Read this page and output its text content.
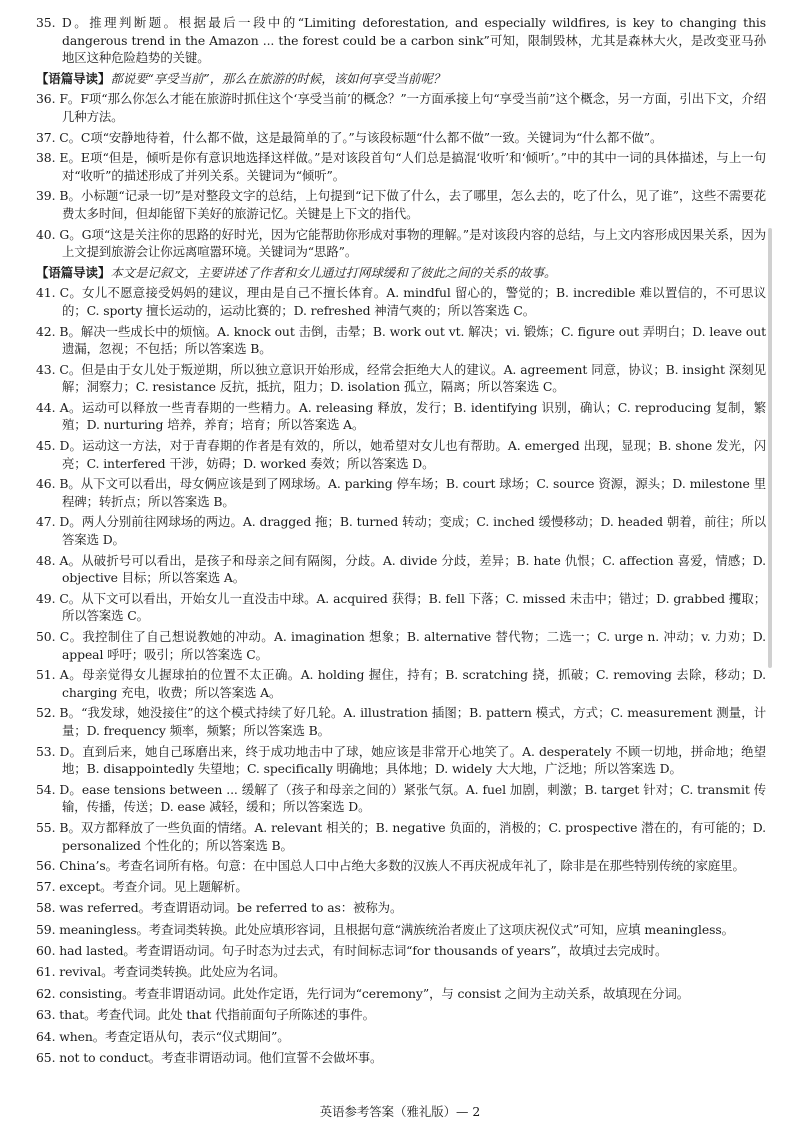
35. D。推理判断题。根据最后一段中的“Limiting deforestation, and especially wildfires, is key to changing this dangerous trend in the Amazon ... the forest could be a carbon sink”可知，限制毁林，尤其是森林大火，是改变亚马孙地区这种危险趋势的关键。
【语篇导读】都说要“享受当前”，那么在旅游的时候，该如何享受当前呢？
36. F。F项“那么你怎么才能在旅游时抓住这个‘享受当前’的概念？”一方面承接上句“享受当前”这个概念，另一方面，引出下文，介绍几种方法。
37. C。C项“安静地待着，什么都不做，这是最简单的了。”与该段标题“什么都不做”一致。关键词为“什么都不做”。
38. E。E项“但是，倾听是你有意识地选择这样做。”是对该段首句“人们总是搞混‘收听’和‘倾听’。”中的其中一词的具体描述，与上一句对“收听”的描述形成了并列关系。关键词为“倾听”。
39. B。小标题“记录一切”是对整段文字的总结，上句提到“记下做了什么，去了哪里，怎么去的，吃了什么，见了谁”，这些不需要花费太多时间，但却能留下美好的旅游记忆。关键是上下文的指代。
40. G。G项“这是关注你的思路的好时光，因为它能帮助你形成对事物的理解。”是对该段内容的总结，与上文内容形成因果关系，因为上文提到旅游会让你远离喧嚣环境。关键词为“思路”。
【语篇导读】本文是记叙文，主要讲述了作者和女儿通过打网球缓和了彼此之间的关系的故事。
41. C。女儿不愿意接受妈妈的建议，理由是自己不擅长体育。A. mindful 留心的，警觉的；B. incredible 难以置信的，不可思议的；C. sporty 擅长运动的，运动比赛的；D. refreshed 神清气爽的；所以答案选 C。
42. B。解决一些成长中的烦恼。A. knock out 击倒，击晕；B. work out vt. 解决；vi. 锻炼；C. figure out 弄明白；D. leave out 遗漏，忽视；不包括；所以答案选 B。
43. C。但是由于女儿处于叛逆期，所以独立意识开始形成，经常会拒绝大人的建议。A. agreement 同意，协议；B. insight 深刻见解；洞察力；C. resistance 反抗，抵抗，阻力；D. isolation 孤立，隔离；所以答案选 C。
44. A。运动可以释放一些青春期的一些精力。A. releasing 释放，发行；B. identifying 识别，确认；C. reproducing 复制，繁殖；D. nurturing 培养，养育；培育；所以答案选 A。
45. D。运动这一方法，对于青春期的作者是有效的，所以，她希望对女儿也有帮助。A. emerged 出现，显现；B. shone 发光，闪亮；C. interfered 干涉，妨碍；D. worked 奏效；所以答案选 D。
46. B。从下文可以看出，母女俩应该是到了网球场。A. parking 停车场；B. court 球场；C. source 资源，源头；D. milestone 里程碑；转折点；所以答案选 B。
47. D。两人分别前往网球场的两边。A. dragged 拖；B. turned 转动；变成；C. inched 缓慢移动；D. headed 朝着，前往；所以答案选 D。
48. A。从破折号可以看出，是孩子和母亲之间有隔阂，分歧。A. divide 分歧，差异；B. hate 仇恨；C. affection 喜爱，情感；D. objective 目标；所以答案选 A。
49. C。从下文可以看出，开始女儿一直没击中球。A. acquired 获得；B. fell 下落；C. missed 未击中；错过；D. grabbed 攫取；所以答案选 C。
50. C。我控制住了自己想说教她的冲动。A. imagination 想象；B. alternative 替代物；二选一；C. urge n. 冲动；v. 力劝；D. appeal 呼吁；吸引；所以答案选 C。
51. A。母亲觉得女儿握球拍的位置不太正确。A. holding 握住，持有；B. scratching 挠，抓破；C. removing 去除，移动；D. charging 充电，收费；所以答案选 A。
52. B。“我发球，她没接住”的这个模式持续了好几轮。A. illustration 插图；B. pattern 模式，方式；C. measurement 测量，计量；D. frequency 频率，频繁；所以答案选 B。
53. D。直到后来，她自己琢磨出来，终于成功地击中了球，她应该是非常开心地笑了。A. desperately 不顾一切地，拼命地；绝望地；B. disappointedly 失望地；C. specifically 明确地；具体地；D. widely 大大地，广泛地；所以答案选 D。
54. D。ease tensions between ... 缓解了（孩子和母亲之间的）紧张气氛。A. fuel 加剧，刺激；B. target 针对；C. transmit 传输，传播，传送；D. ease 减轻，缓和；所以答案选 D。
55. B。双方都释放了一些负面的情绪。A. relevant 相关的；B. negative 负面的，消极的；C. prospective 潜在的，有可能的；D. personalized 个性化的；所以答案选 B。
56. China’s。考查名词所有格。句意：在中国总人口中占绝大多数的汉族人不再庆祝成年礼了，除非是在那些特别传统的家庭里。
57. except。考查介词。见上题解析。
58. was referred。考查谓语动词。be referred to as：被称为。
59. meaningless。考查词类转换。此处应填形容词，且根据句意“满族统治者废止了这项庆祝仪式”可知，应填 meaningless。
60. had lasted。考查谓语动词。句子时态为过去式，有时间标志词“for thousands of years”，故填过去完成时。
61. revival。考查词类转换。此处应为名词。
62. consisting。考查非谓语动词。此处作定语，先行词为“ceremony”，与 consist 之间为主动关系，故填现在分词。
63. that。考查代词。此处 that 代指前面句子所陈述的事件。
64. when。考查定语从句，表示“仪式期间”。
65. not to conduct。考查非谓语动词。他们宣誓不会做坏事。
英语参考答案（雅礼版）— 2
